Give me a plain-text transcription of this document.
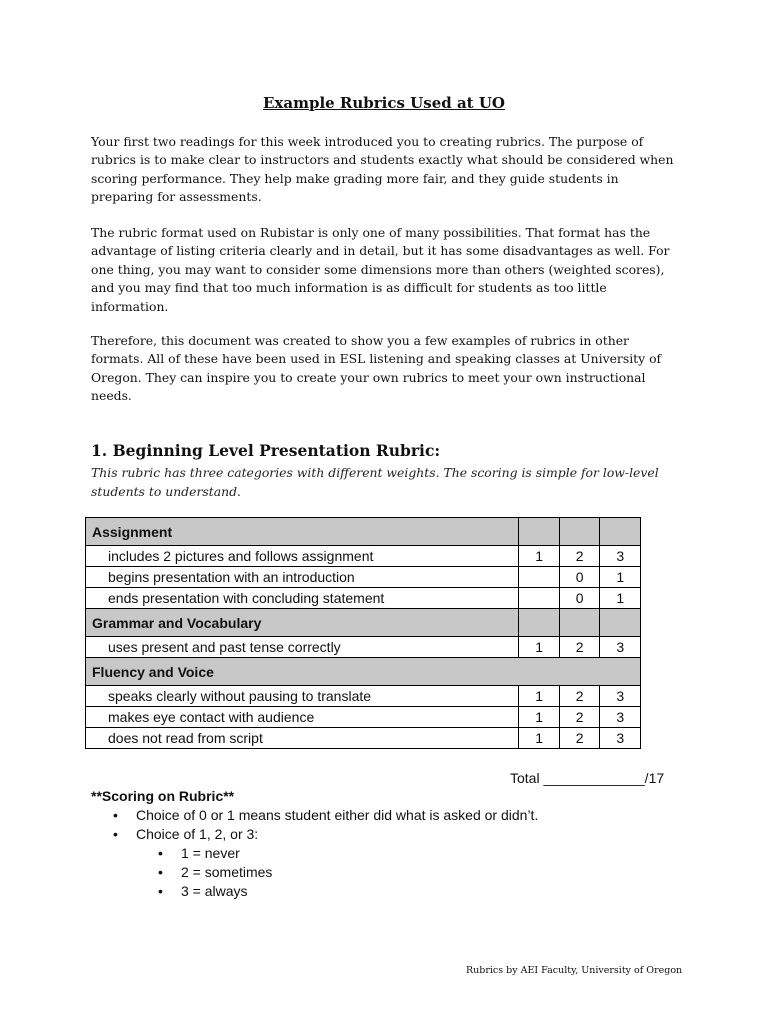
Example Rubrics Used at UO

Your first two readings for this week introduced you to creating rubrics. The purpose of rubrics is to make clear to instructors and students exactly what should be considered when scoring performance. They help make grading more fair, and they guide students in preparing for assessments.

The rubric format used on Rubistar is only one of many possibilities. That format has the advantage of listing criteria clearly and in detail, but it has some disadvantages as well. For one thing, you may want to consider some dimensions more than others (weighted scores), and you may find that too much information is as difficult for students as too little information.

Therefore, this document was created to show you a few examples of rubrics in other formats. All of these have been used in ESL listening and speaking classes at University of Oregon. They can inspire you to create your own rubrics to meet your own instructional needs.

1. Beginning Level Presentation Rubric:

This rubric has three categories with different weights. The scoring is simple for low-level students to understand.

Assignment			
includes 2 pictures and follows assignment	1	2	3
begins presentation with an introduction		0	1
ends presentation with concluding statement		0	1
Grammar and Vocabulary			
uses present and past tense correctly	1	2	3
Fluency and Voice			
speaks clearly without pausing to translate	1	2	3
makes eye contact with audience	1	2	3
does not read from script	1	2	3
Total _____________/17
**Scoring on Rubric**
• Choice of 0 or 1 means student either did what is asked or didn’t.
• Choice of 1, 2, or 3:
• 1 = never
• 2 = sometimes
• 3 = always
Rubrics by AEI Faculty, University of Oregon
